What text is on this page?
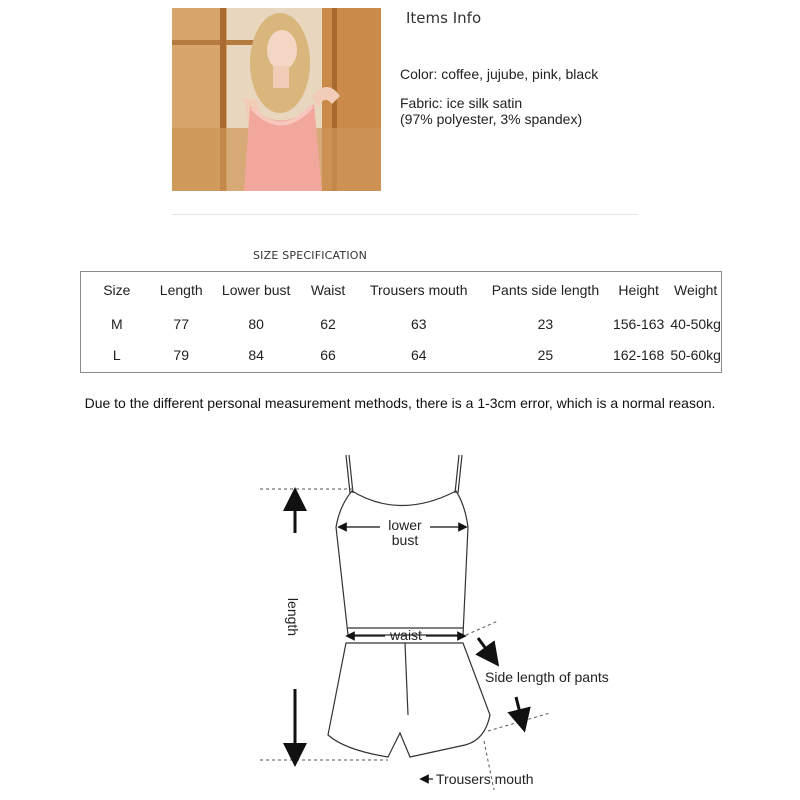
Items Info
Color: coffee, jujube, pink, black
Fabric: ice silk satin
(97% polyester, 3% spandex)
SIZE SPECIFICATION
Size	Length	Lower bust	Waist	Trousers mouth	Pants side length	Height	Weight
M	77	80	62	63	23	156-163	40-50kg
L	79	84	66	64	25	162-168	50-60kg
Due to the different personal measurement methods, there is a 1-3cm error, which is a normal reason.
lower
bust
length	waist
Side length of pants
Trousers mouth
